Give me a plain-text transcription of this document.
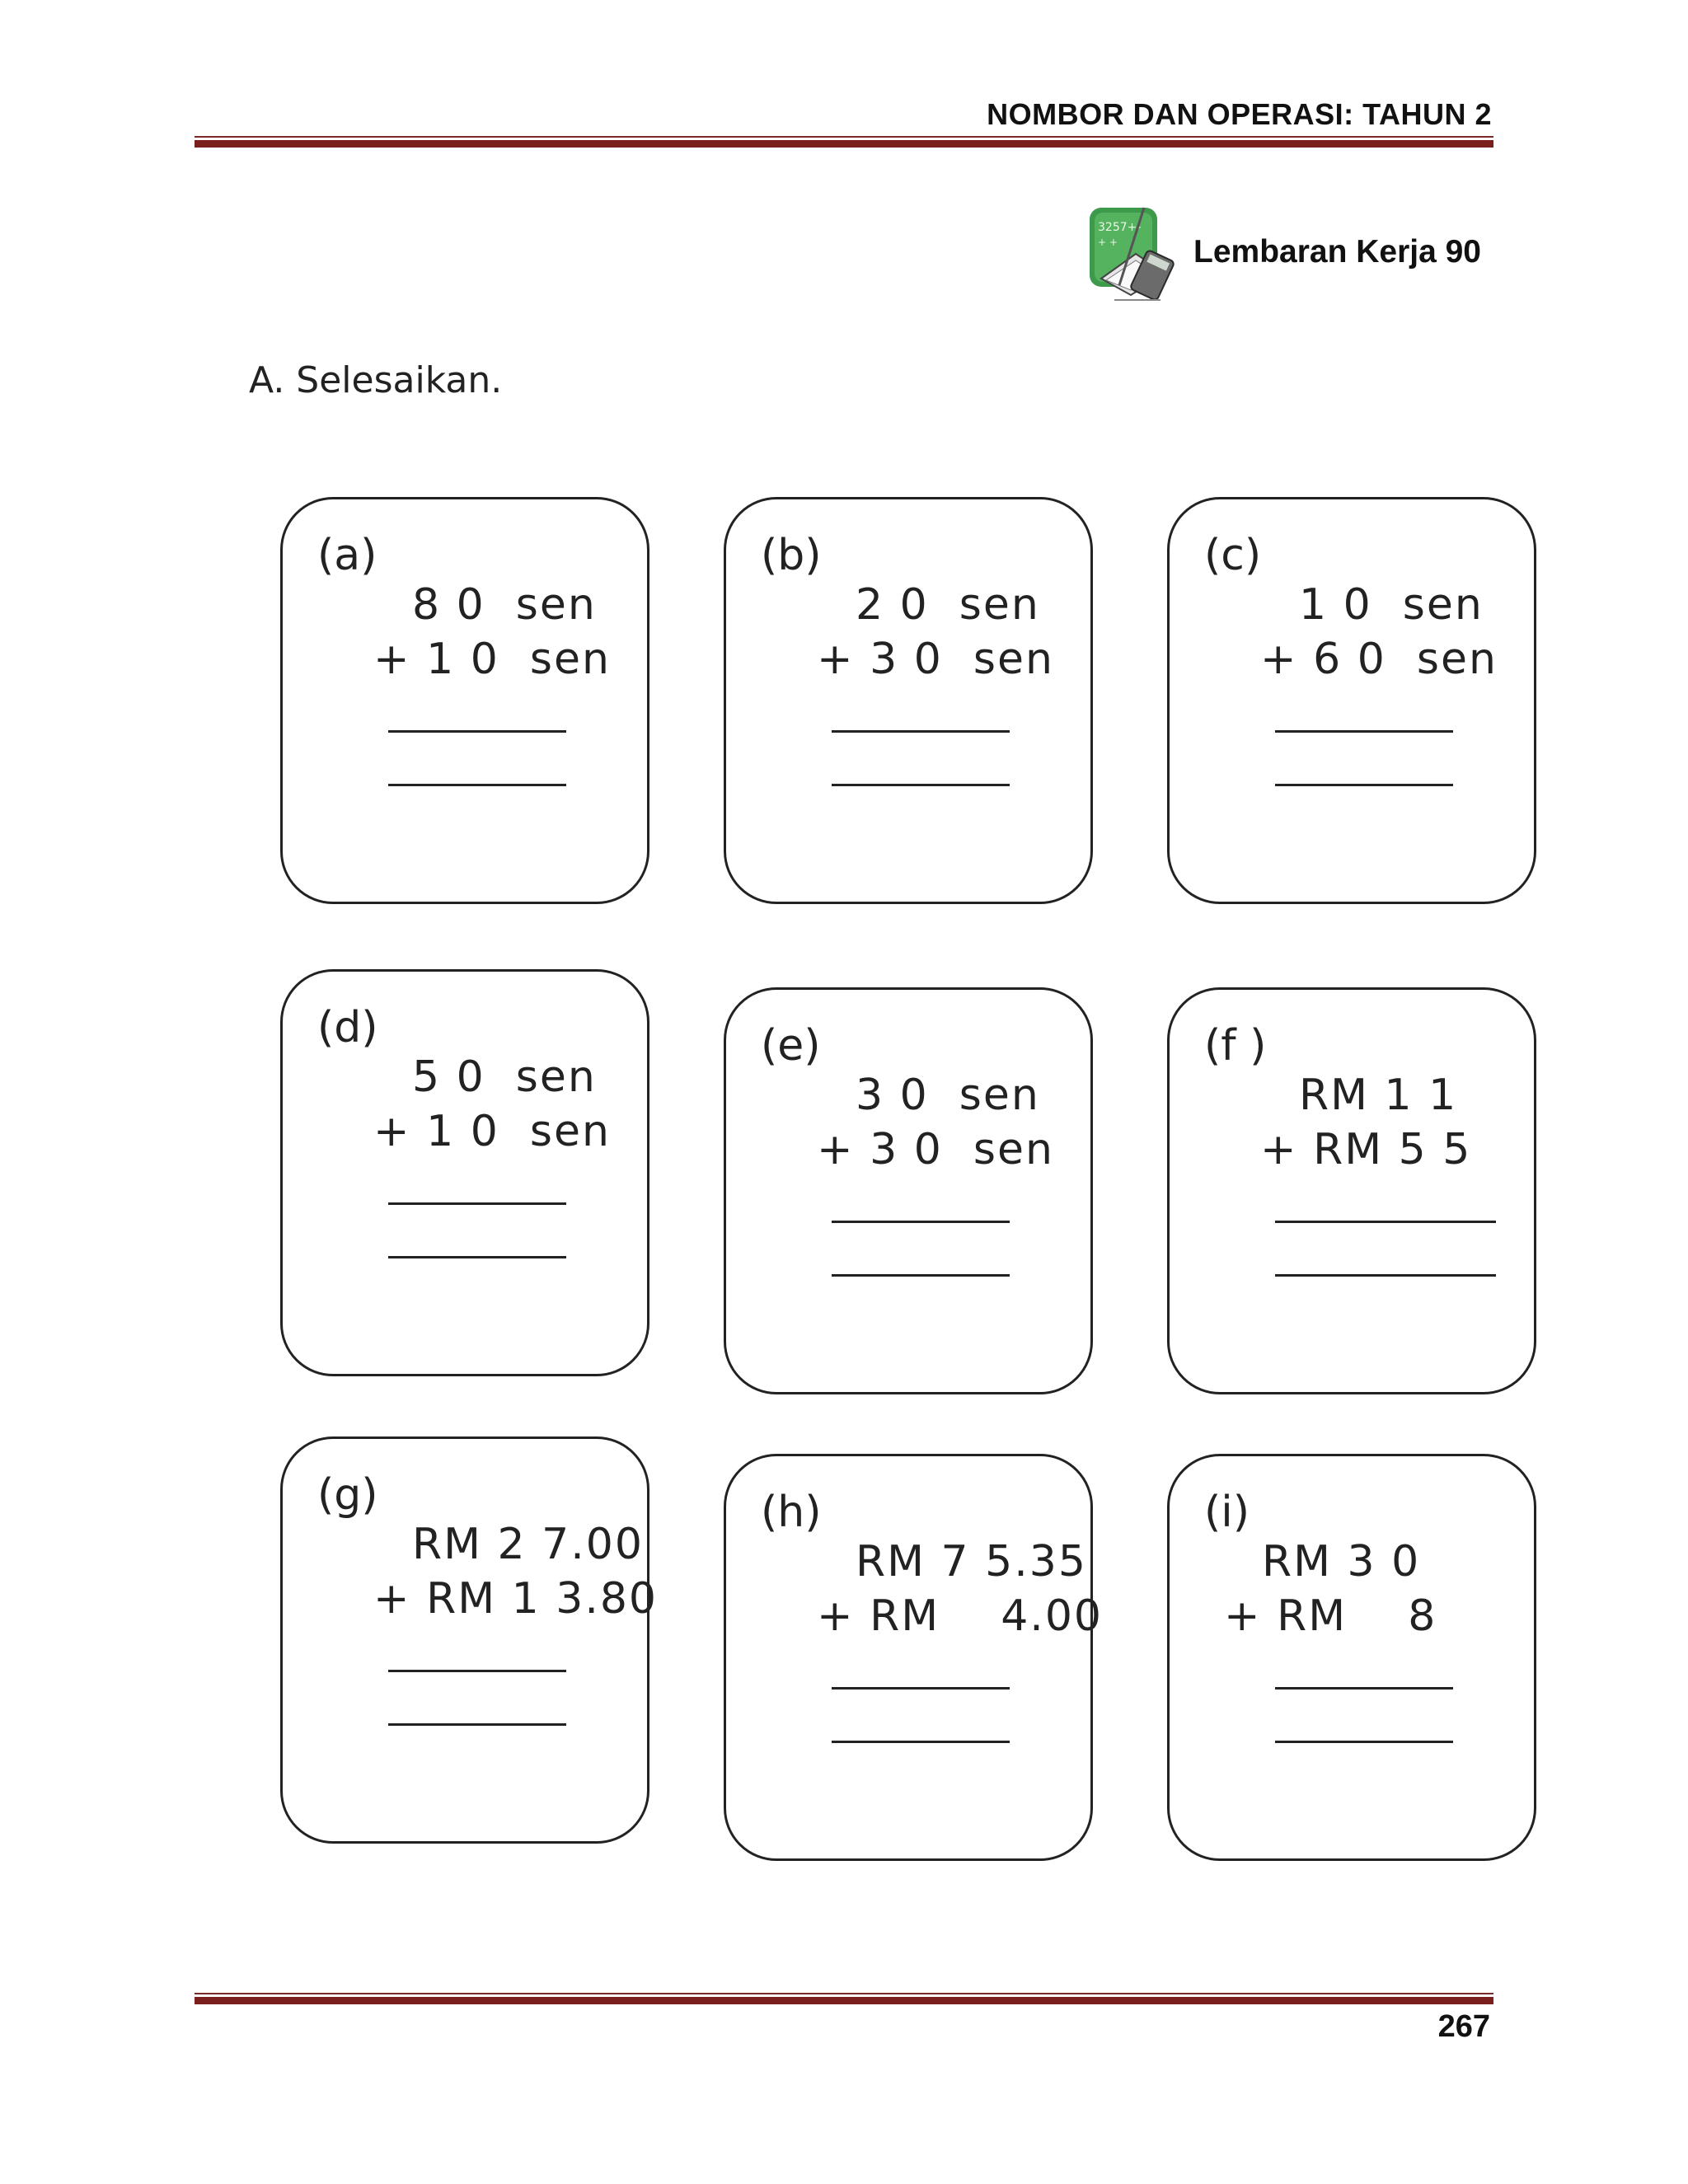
NOMBOR DAN OPERASI: TAHUN 2
3257+-
+ + Lembaran Kerja 90
A. Selesaikan.
(a)
8 0  sen
+ 1 0  sen
(b)
2 0  sen
+ 3 0  sen
(c)
1 0  sen
+ 6 0  sen
(d)
5 0  sen
+ 1 0  sen
(e)
3 0  sen
+ 3 0  sen
(f )
RM 1 1
+ RM 5 5
(g)
RM 2 7.00
+ RM 1 3.80
(h)
RM 7 5.35
+ RM    4.00
(i)
RM 3 0
+ RM    8
267
